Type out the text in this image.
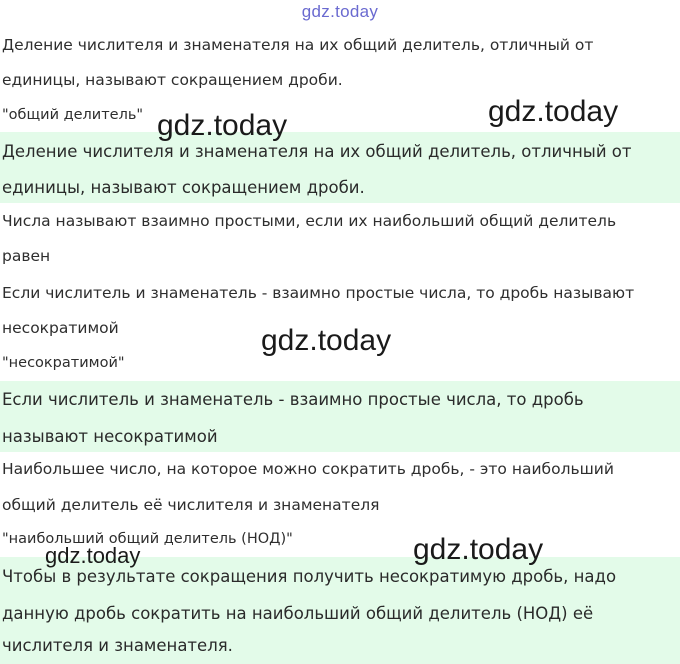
gdz.today
Деление числителя и знаменателя на их общий делитель, отличный от
единицы, называют сокращением дроби.
"общий делитель"
Деление числителя и знаменателя на их общий делитель, отличный от
единицы, называют сокращением дроби.
Числа называют взаимно простыми, если их наибольший общий делитель
равен
Если числитель и знаменатель - взаимно простые числа, то дробь называют
несократимой
"несократимой"
Если числитель и знаменатель - взаимно простые числа, то дробь
называют несократимой
Наибольшее число, на которое можно сократить дробь, - это наибольший
общий делитель её числителя и знаменателя
"наибольший общий делитель (НОД)"
Чтобы в результате сокращения получить несократимую дробь, надо
данную дробь сократить на наибольший общий делитель (НОД) её
числителя и знаменателя.
gdz.today	gdz.today
gdz.today
gdz.today	gdz.today
